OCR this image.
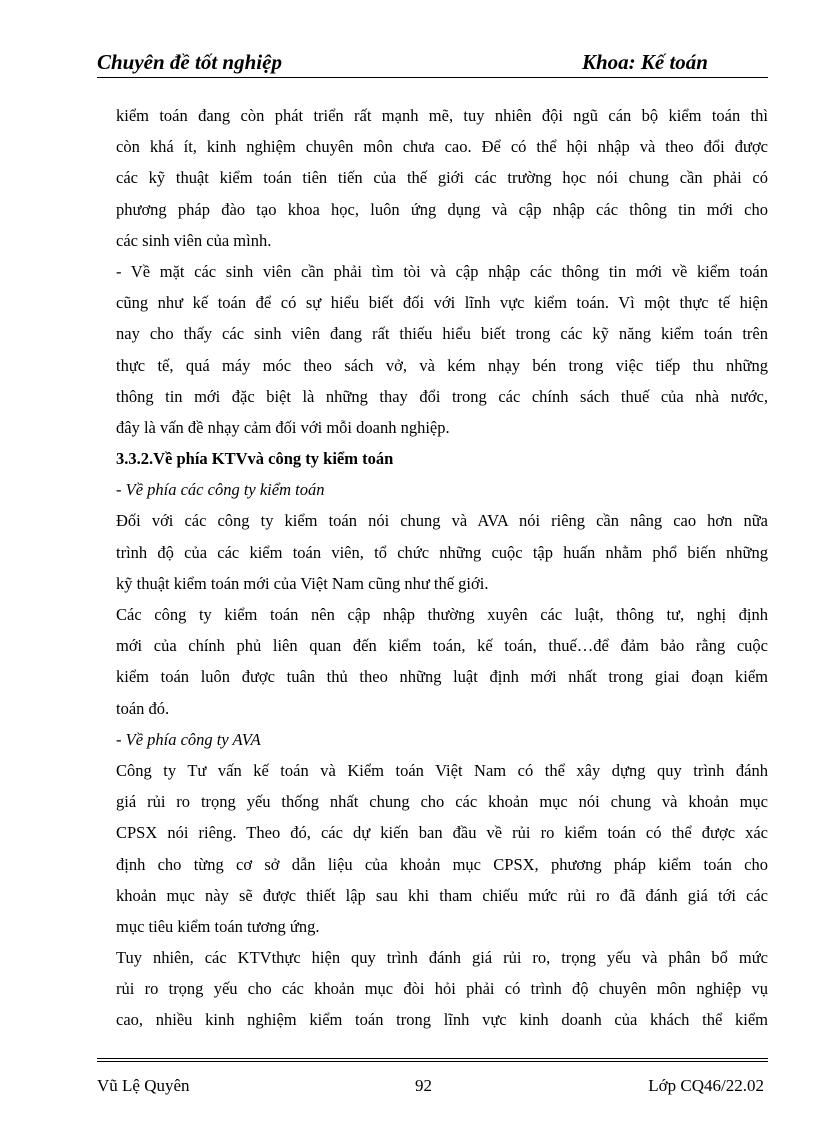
Chuyên đề tốt nghiệp	Khoa: Kế toán
kiểm toán đang còn phát triển rất mạnh mẽ, tuy nhiên đội ngũ cán bộ kiểm toán thì
còn khá ít, kinh nghiệm chuyên môn chưa cao. Để có thể hội nhập và theo đổi được
các kỹ thuật kiểm toán tiên tiến của thế giới các trường học nói chung cần phải có
phương pháp đào tạo khoa học, luôn ứng dụng và cập nhập các thông tin mới cho
các sinh viên của mình.
- Về mặt các sinh viên cần phải tìm tòi và cập nhập các thông tin mới về kiểm toán
cũng như kế toán để có sự hiểu biết đối với lĩnh vực kiểm toán. Vì một thực tế hiện
nay cho thấy các sinh viên đang rất thiếu hiểu biết trong các kỹ năng kiểm toán trên
thực tế, quá máy móc theo sách vở, và kém nhạy bén trong việc tiếp thu những
thông tin mới đặc biệt là những thay đổi trong các chính sách thuế của nhà nước,
đây là vấn đề nhạy cảm đối với mỗi doanh nghiệp.
3.3.2.Về phía KTVvà công ty kiểm toán
- Về phía các công ty kiểm toán
Đối với các công ty kiểm toán nói chung và AVA nói riêng cần nâng cao hơn nữa
trình độ của các kiểm toán viên, tổ chức những cuộc tập huấn nhằm phổ biến những
kỹ thuật kiểm toán mới của Việt Nam cũng như thế giới.
Các công ty kiểm toán nên cập nhập thường xuyên các luật, thông tư, nghị định
mới của chính phủ liên quan đến kiểm toán, kế toán, thuế…để đảm bảo rằng cuộc
kiểm toán luôn được tuân thủ theo những luật định mới nhất trong giai đoạn kiểm
toán đó.
- Về phía công ty AVA
Công ty Tư vấn kế toán và Kiểm toán Việt Nam có thể xây dựng quy trình đánh
giá rủi ro trọng yếu thống nhất chung cho các khoản mục nói chung và khoản mục
CPSX nói riêng. Theo đó, các dự kiến ban đầu về rủi ro kiểm toán có thể được xác
định cho từng cơ sở dẫn liệu của khoản mục CPSX, phương pháp kiểm toán cho
khoản mục này sẽ được thiết lập sau khi tham chiếu mức rủi ro đã đánh giá tới các
mục tiêu kiểm toán tương ứng.
Tuy nhiên, các KTVthực hiện quy trình đánh giá rủi ro, trọng yếu và phân bổ mức
rủi ro trọng yếu cho các khoản mục đòi hỏi phải có trình độ chuyên môn nghiệp vụ
cao, nhiều kinh nghiệm kiểm toán trong lĩnh vực kinh doanh của khách thể kiểm
Vũ Lệ Quyên	92	Lớp CQ46/22.02
